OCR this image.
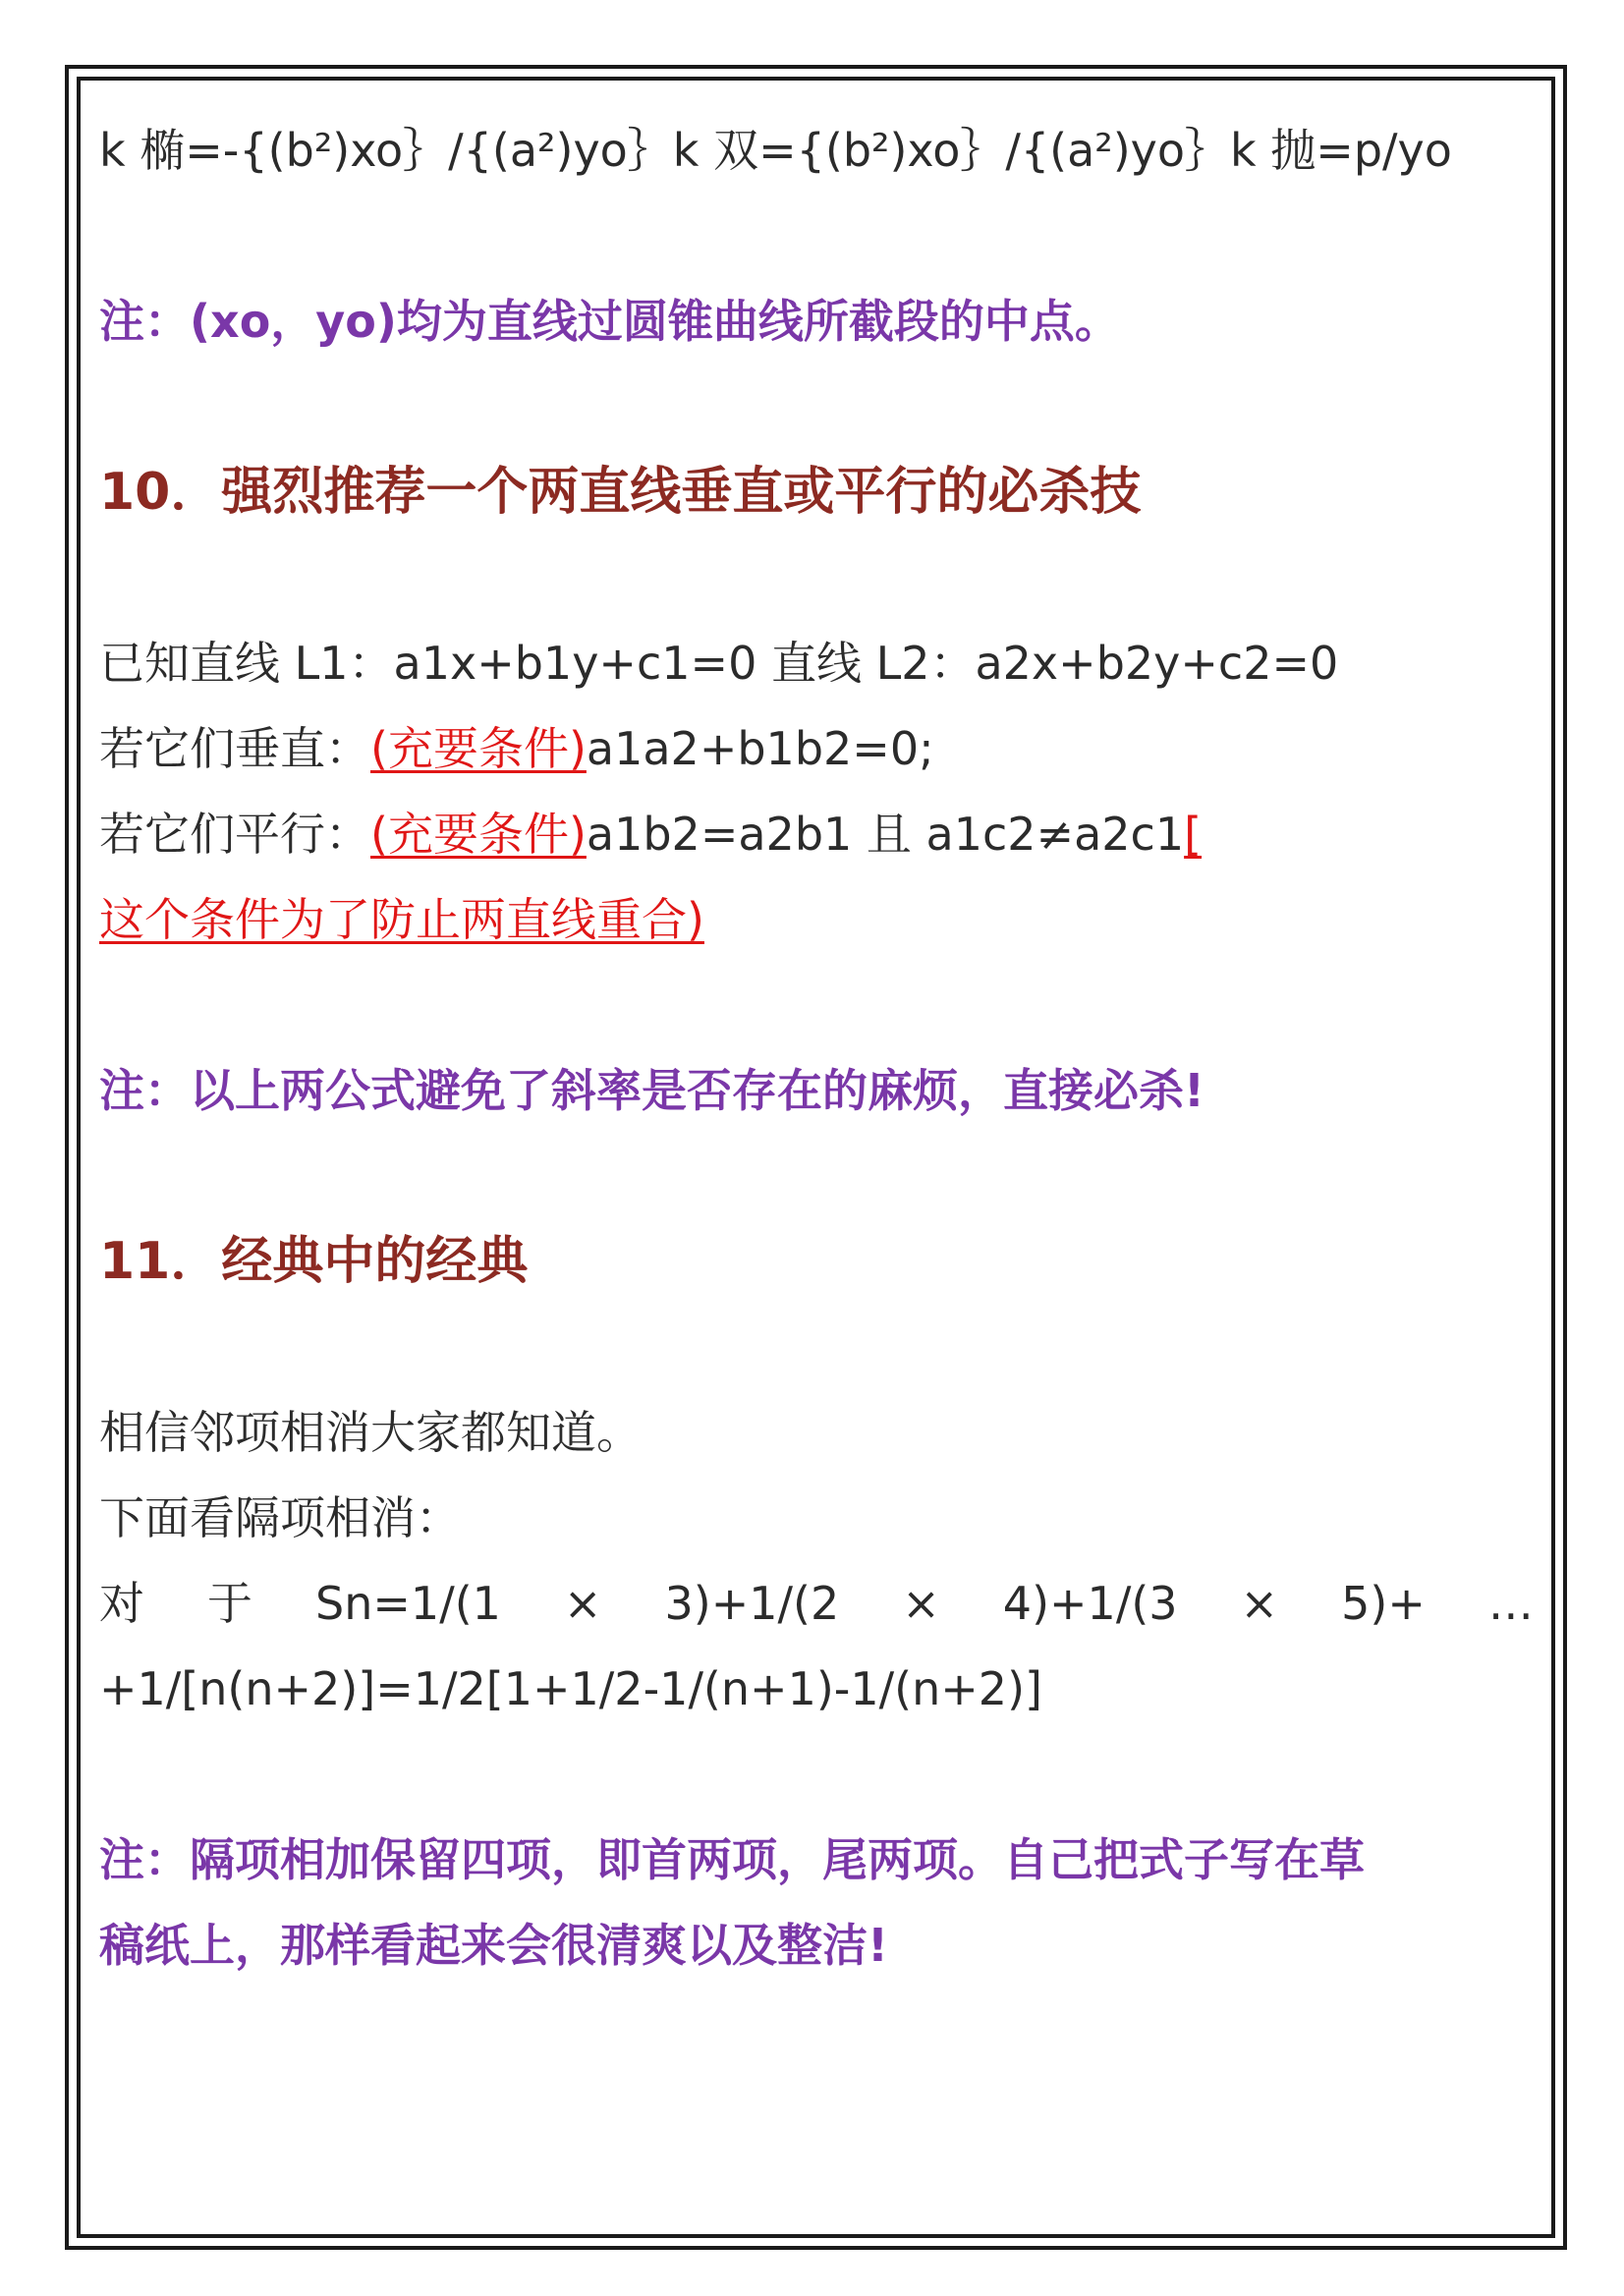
k 椭=-{(b²)xo｝/{(a²)yo｝k 双={(b²)xo｝/{(a²)yo｝k 抛=p/yo
注：(xo，yo)均为直线过圆锥曲线所截段的中点。
10．强烈推荐一个两直线垂直或平行的必杀技
已知直线 L1：a1x+b1y+c1=0 直线 L2：a2x+b2y+c2=0
若它们垂直：(充要条件)a1a2+b1b2=0;
若它们平行：(充要条件)a1b2=a2b1 且 a1c2≠a2c1[
这个条件为了防止两直线重合)
注：以上两公式避免了斜率是否存在的麻烦，直接必杀!
11．经典中的经典
相信邻项相消大家都知道。
下面看隔项相消：
对 于 Sn=1/(1 × 3)+1/(2 × 4)+1/(3 × 5)+ …
+1/[n(n+2)]=1/2[1+1/2-1/(n+1)-1/(n+2)]
注：隔项相加保留四项，即首两项，尾两项。自己把式子写在草
稿纸上，那样看起来会很清爽以及整洁!
